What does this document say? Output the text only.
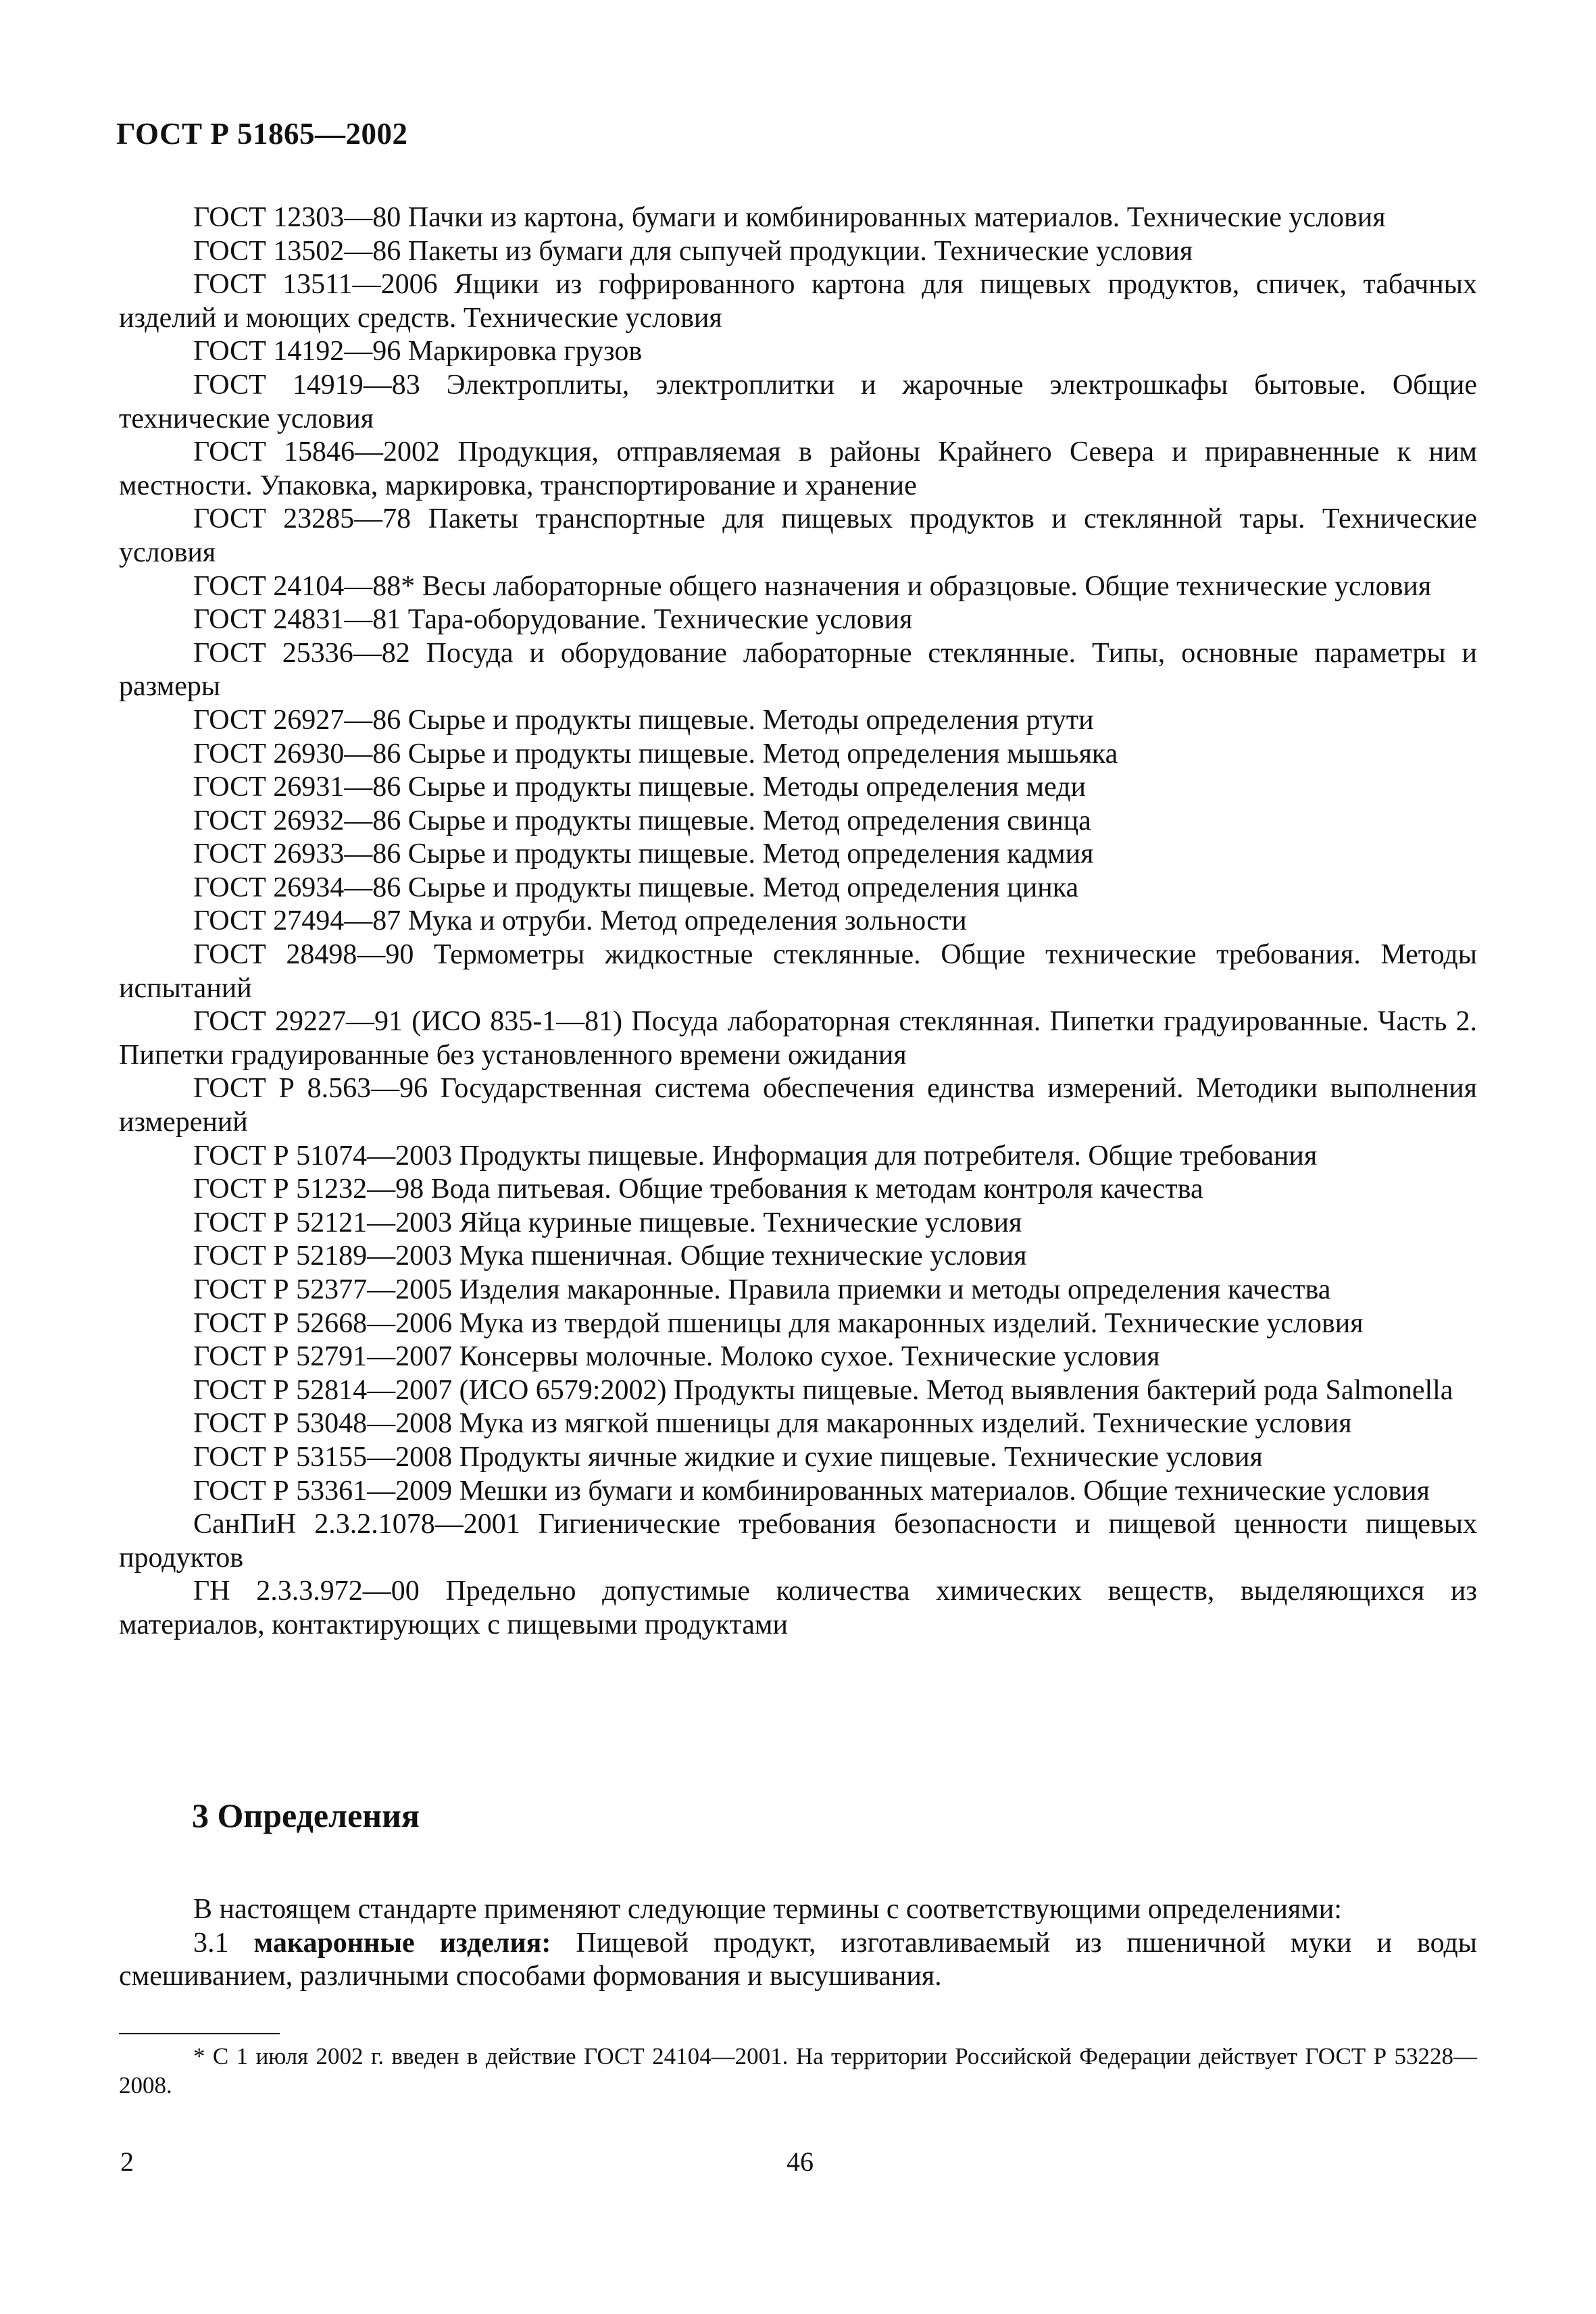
ГОСТ Р 51865—2002

ГОСТ 12303—80 Пачки из картона, бумаги и комбинированных материалов. Технические условия

ГОСТ 13502—86 Пакеты из бумаги для сыпучей продукции. Технические условия

ГОСТ 13511—2006 Ящики из гофрированного картона для пищевых продуктов, спичек, табачных изделий и моющих средств. Технические условия

ГОСТ 14192—96 Маркировка грузов

ГОСТ 14919—83 Электроплиты, электроплитки и жарочные электрошкафы бытовые. Общие технические условия

ГОСТ 15846—2002 Продукция, отправляемая в районы Крайнего Севера и приравненные к ним местности. Упаковка, маркировка, транспортирование и хранение

ГОСТ 23285—78 Пакеты транспортные для пищевых продуктов и стеклянной тары. Технические условия

ГОСТ 24104—88* Весы лабораторные общего назначения и образцовые. Общие технические условия

ГОСТ 24831—81 Тара-оборудование. Технические условия

ГОСТ 25336—82 Посуда и оборудование лабораторные стеклянные. Типы, основные параметры и размеры

ГОСТ 26927—86 Сырье и продукты пищевые. Методы определения ртути

ГОСТ 26930—86 Сырье и продукты пищевые. Метод определения мышьяка

ГОСТ 26931—86 Сырье и продукты пищевые. Методы определения меди

ГОСТ 26932—86 Сырье и продукты пищевые. Метод определения свинца

ГОСТ 26933—86 Сырье и продукты пищевые. Метод определения кадмия

ГОСТ 26934—86 Сырье и продукты пищевые. Метод определения цинка

ГОСТ 27494—87 Мука и отруби. Метод определения зольности

ГОСТ 28498—90 Термометры жидкостные стеклянные. Общие технические требования. Методы испытаний

ГОСТ 29227—91 (ИСО 835-1—81) Посуда лабораторная стеклянная. Пипетки градуированные. Часть 2. Пипетки градуированные без установленного времени ожидания

ГОСТ Р 8.563—96 Государственная система обеспечения единства измерений. Методики выполнения измерений

ГОСТ Р 51074—2003 Продукты пищевые. Информация для потребителя. Общие требования

ГОСТ Р 51232—98 Вода питьевая. Общие требования к методам контроля качества

ГОСТ Р 52121—2003 Яйца куриные пищевые. Технические условия

ГОСТ Р 52189—2003 Мука пшеничная. Общие технические условия

ГОСТ Р 52377—2005 Изделия макаронные. Правила приемки и методы определения качества

ГОСТ Р 52668—2006 Мука из твердой пшеницы для макаронных изделий. Технические условия

ГОСТ Р 52791—2007 Консервы молочные. Молоко сухое. Технические условия

ГОСТ Р 52814—2007 (ИСО 6579:2002) Продукты пищевые. Метод выявления бактерий рода Salmonella

ГОСТ Р 53048—2008 Мука из мягкой пшеницы для макаронных изделий. Технические условия

ГОСТ Р 53155—2008 Продукты яичные жидкие и сухие пищевые. Технические условия

ГОСТ Р 53361—2009 Мешки из бумаги и комбинированных материалов. Общие технические условия

СанПиН 2.3.2.1078—2001 Гигиенические требования безопасности и пищевой ценности пищевых продуктов

ГН 2.3.3.972—00 Предельно допустимые количества химических веществ, выделяющихся из материалов, контактирующих с пищевыми продуктами

3 Определения

В настоящем стандарте применяют следующие термины с соответствующими определениями:

3.1 макаронные изделия: Пищевой продукт, изготавливаемый из пшеничной муки и воды смешиванием, различными способами формования и высушивания.

* С 1 июля 2002 г. введен в действие ГОСТ 24104—2001. На территории Российской Федерации действует ГОСТ Р 53228—2008.

2	46
